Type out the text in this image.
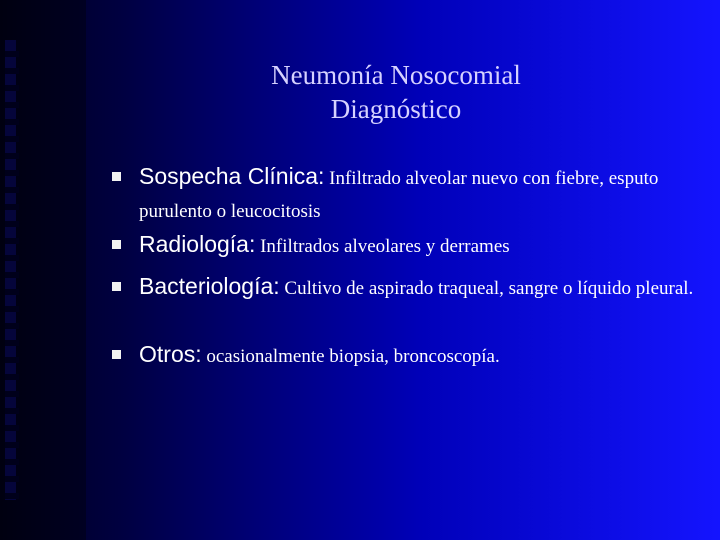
Neumonía Nosocomial
Diagnóstico
Sospecha Clínica: Infiltrado alveolar nuevo con fiebre, esputo purulento o leucocitosis
Radiología: Infiltrados alveolares y derrames
Bacteriología: Cultivo de aspirado traqueal, sangre o líquido pleural.
Otros: ocasionalmente biopsia, broncoscopía.
